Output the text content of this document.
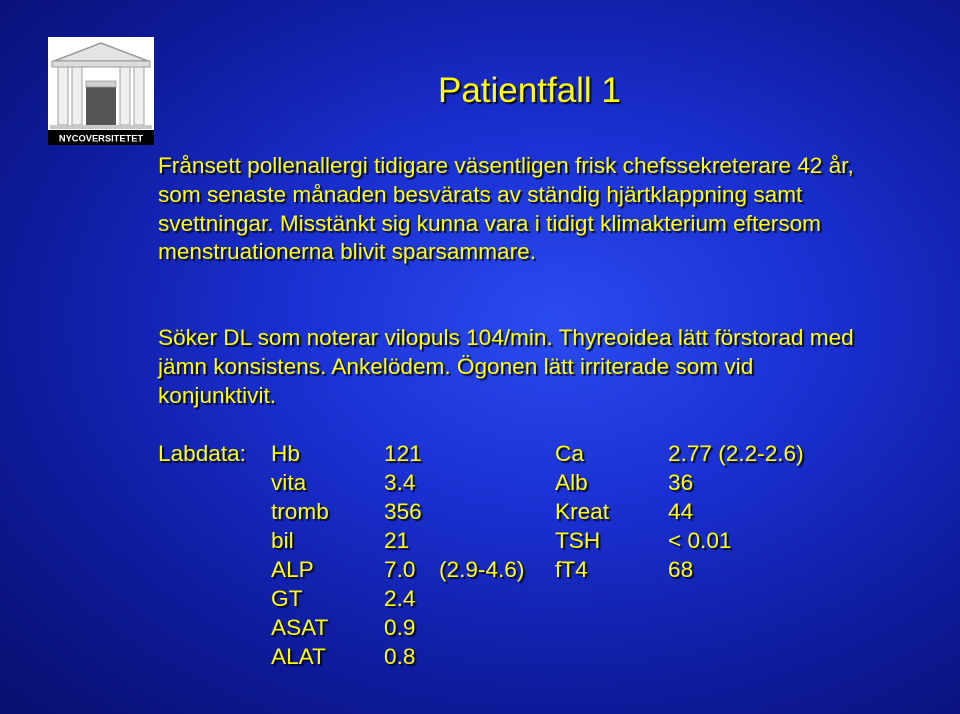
NYCOVERSITETET
Patientfall 1

Frånsett pollenallergi tidigare väsentligen frisk chefssekreterare 42 år, som senaste månaden besvärats av ständig hjärtklappning samt svettningar. Misstänkt sig kunna vara i tidigt klimakterium eftersom menstruationerna blivit sparsammare.

Söker DL som noterar vilopuls 104/min. Thyreoidea lätt förstorad med jämn konsistens. Ankelödem. Ögonen lätt irriterade som vid konjunktivit.

Labdata: Hb	121	Ca	2.77 (2.2-2.6)
vita	3.4	Alb	36
tromb 356	Kreat	44
bil	21	TSH	< 0.01
ALP	7.0 (2.9-4.6) fT4	68
GT	2.4
ASAT 0.9
ALAT	0.8
